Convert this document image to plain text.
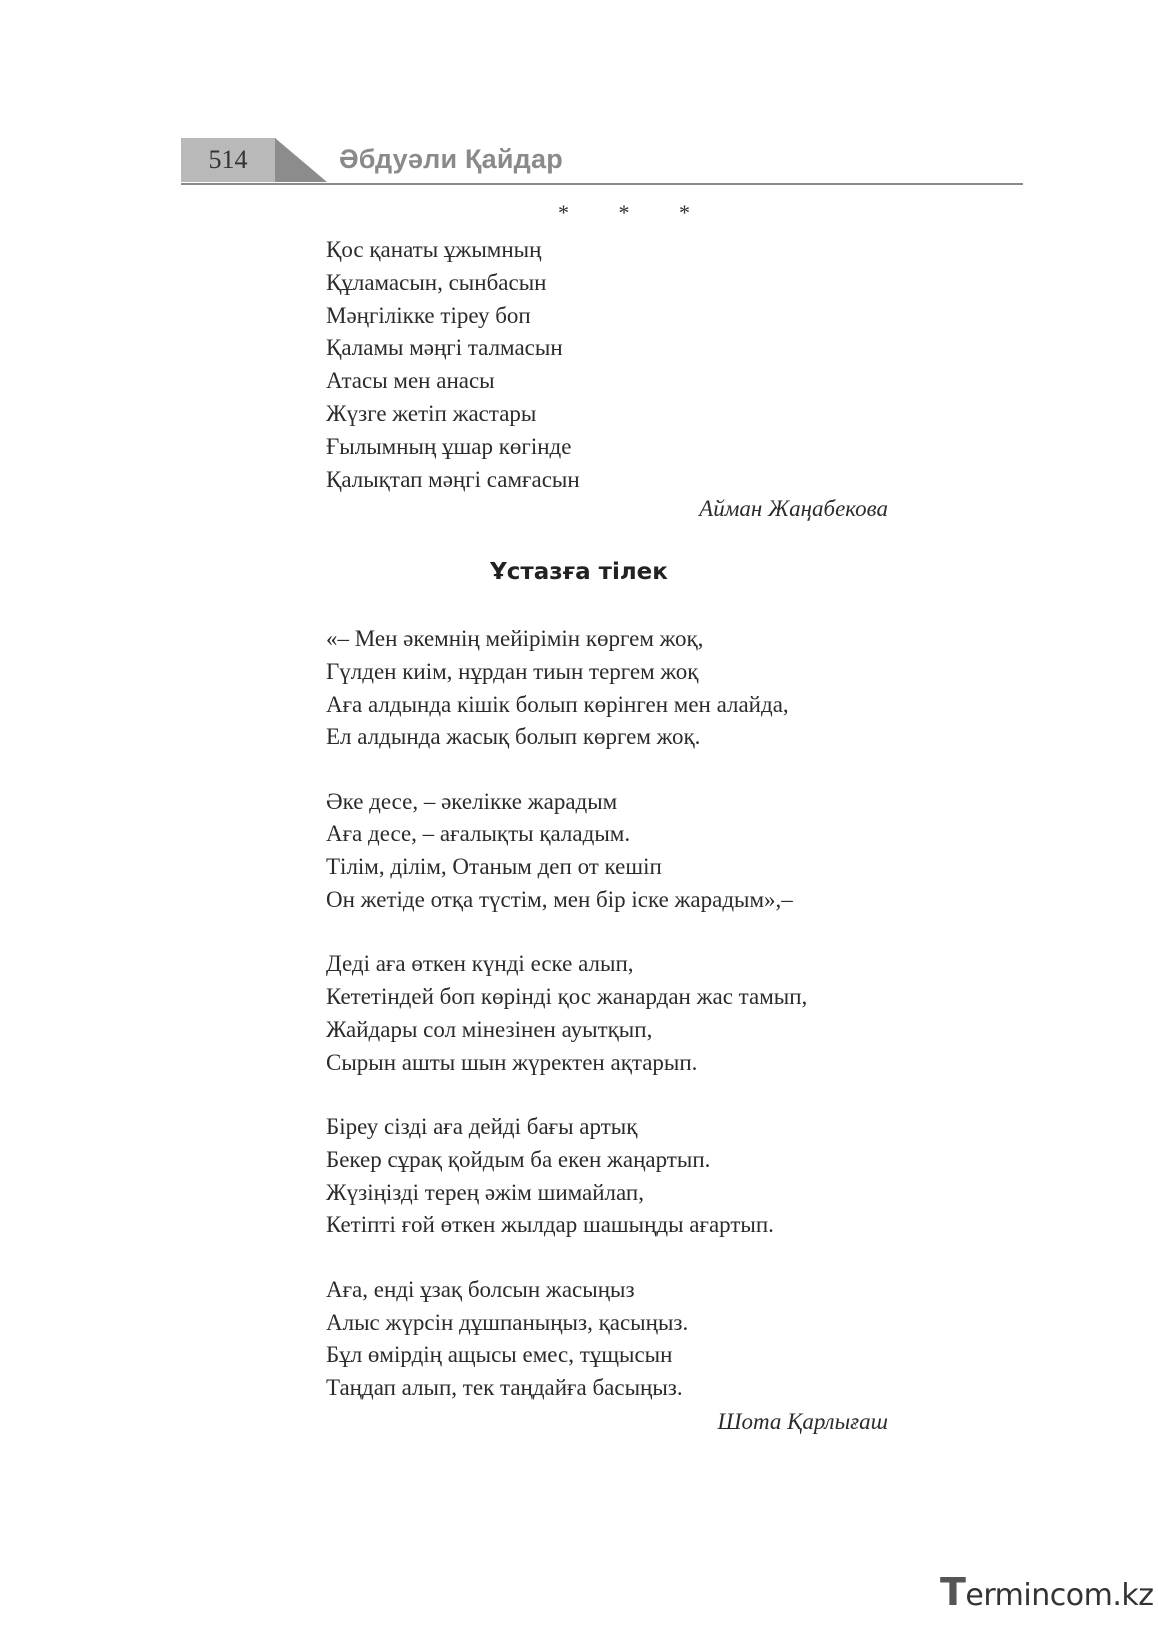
514	Әбдуәли Қайдар
* * *
Қос қанаты ұжымның
Құламасын, сынбасын
Мәңгілікке тіреу боп
Қаламы мәңгі талмасын
Атасы мен анасы
Жүзге жетіп жастары
Ғылымның ұшар көгінде
Қалықтап мәңгі самғасын
Айман Жаңабекова
Ұстазға тілек
«– Мен әкемнің мейірімін көргем жоқ,
Гүлден киім, нұрдан тиын тергем жоқ
Аға алдында кішік болып көрінген мен алайда,
Ел алдында жасық болып көргем жоқ.
Әке десе, – әкелікке жарадым
Аға десе, – ағалықты қаладым.
Тілім, ділім, Отаным деп от кешіп
Он жетіде отқа түстім, мен бір іске жарадым»,–
Деді аға өткен күнді еске алып,
Кететіндей боп көрінді қос жанардан жас тамып,
Жайдары сол мінезінен ауытқып,
Сырын ашты шын жүректен ақтарып.
Біреу сізді аға дейді бағы артық
Бекер сұрақ қойдым ба екен жаңартып.
Жүзіңізді терең әжім шимайлап,
Кетіпті ғой өткен жылдар шашыңды ағартып.
Аға, енді ұзақ болсын жасыңыз
Алыс жүрсін дұшпаныңыз, қасыңыз.
Бұл өмірдің ащысы емес, тұщысын
Таңдап алып, тек таңдайға басыңыз.
Шота Қарлығаш
Termincom.kz
